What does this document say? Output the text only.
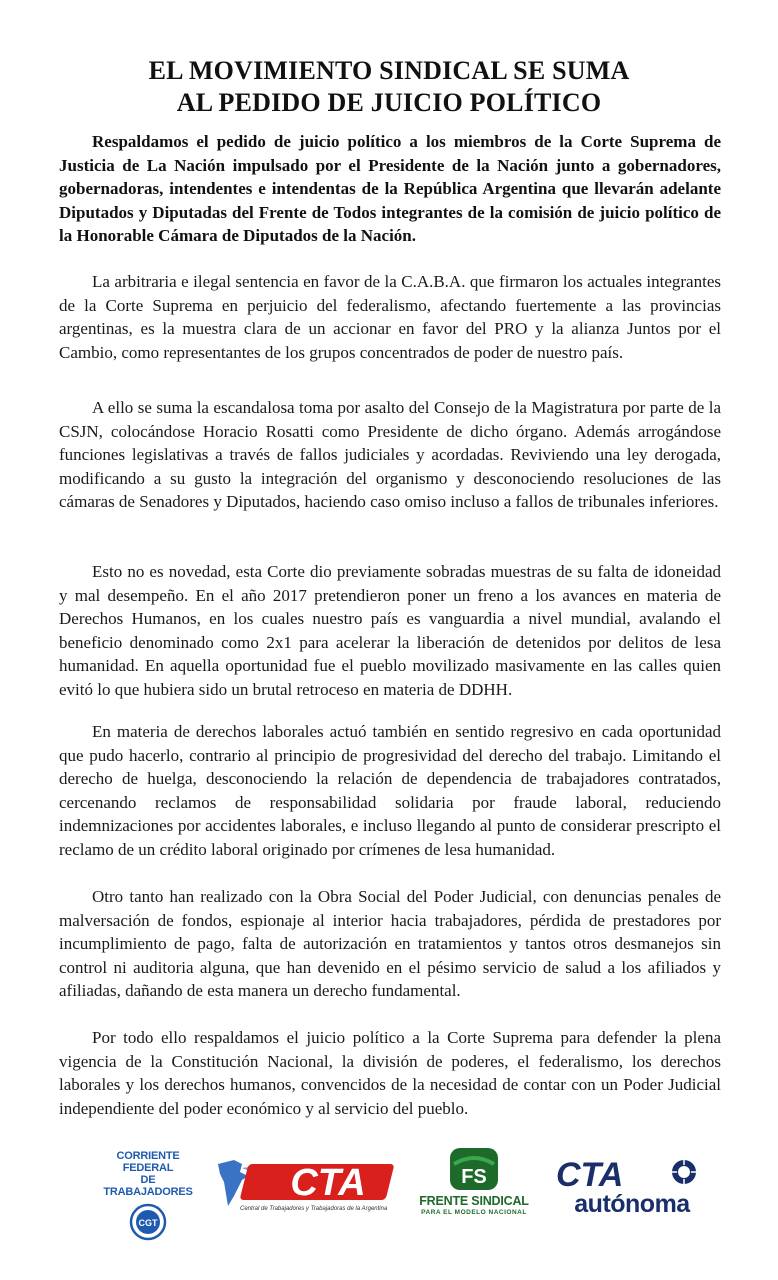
EL MOVIMIENTO SINDICAL SE SUMA
AL PEDIDO DE JUICIO POLÍTICO

Respaldamos el pedido de juicio político a los miembros de la Corte Suprema de Justicia de La Nación impulsado por el Presidente de la Nación junto a gobernadores, gobernadoras, intendentes e intendentas de la República Argentina que llevarán adelante Diputados y Diputadas del Frente de Todos integrantes de la comisión de juicio político de la Honorable Cámara de Diputados de la Nación.

La arbitraria e ilegal sentencia en favor de la C.A.B.A. que firmaron los actuales integrantes de la Corte Suprema en perjuicio del federalismo, afectando fuertemente a las provincias argentinas, es la muestra clara de un accionar en favor del PRO y la alianza Juntos por el Cambio, como representantes de los grupos concentrados de poder de nuestro país.

A ello se suma la escandalosa toma por asalto del Consejo de la Magistratura por parte de la CSJN, colocándose Horacio Rosatti como Presidente de dicho órgano. Además arrogándose funciones legislativas a través de fallos judiciales y acordadas. Reviviendo una ley derogada, modificando a su gusto la integración del organismo y desconociendo resoluciones de las cámaras de Senadores y Diputados, haciendo caso omiso incluso a fallos de tribunales inferiores.

Esto no es novedad, esta Corte dio previamente sobradas muestras de su falta de idoneidad y mal desempeño. En el año 2017 pretendieron poner un freno a los avances en materia de Derechos Humanos, en los cuales nuestro país es vanguardia a nivel mundial, avalando el beneficio denominado como 2x1 para acelerar la liberación de detenidos por delitos de lesa humanidad. En aquella oportunidad fue el pueblo movilizado masivamente en las calles quien evitó lo que hubiera sido un brutal retroceso en materia de DDHH.

En materia de derechos laborales actuó también en sentido regresivo en cada oportunidad que pudo hacerlo, contrario al principio de progresividad del derecho del trabajo. Limitando el derecho de huelga, desconociendo la relación de dependencia de trabajadores contratados, cercenando reclamos de responsabilidad solidaria por fraude laboral, reduciendo indemnizaciones por accidentes laborales, e incluso llegando al punto de considerar prescripto el reclamo de un crédito laboral originado por crímenes de lesa humanidad.

Otro tanto han realizado con la Obra Social del Poder Judicial, con denuncias penales de malversación de fondos, espionaje al interior hacia trabajadores, pérdida de prestadores por incumplimiento de pago, falta de autorización en tratamientos y tantos otros desmanejos sin control ni auditoria alguna, que han devenido en el pésimo servicio de salud a los afiliados y afiliadas, dañando de esta manera un derecho fundamental.

Por todo ello respaldamos el juicio político a la Corte Suprema para defender la plena vigencia de la Constitución Nacional, la división de poderes, el federalismo, los derechos laborales y los derechos humanos, convencidos de la necesidad de contar con un Poder Judicial independiente del poder económico y al servicio del pueblo.

CORRIENTE FEDERAL
DE TRABAJADORES
CGT
CTA
Central de Trabajadores y Trabajadoras de la Argentina
FS
FRENTE SINDICAL
PARA EL MODELO NACIONAL
CTA
autónoma
